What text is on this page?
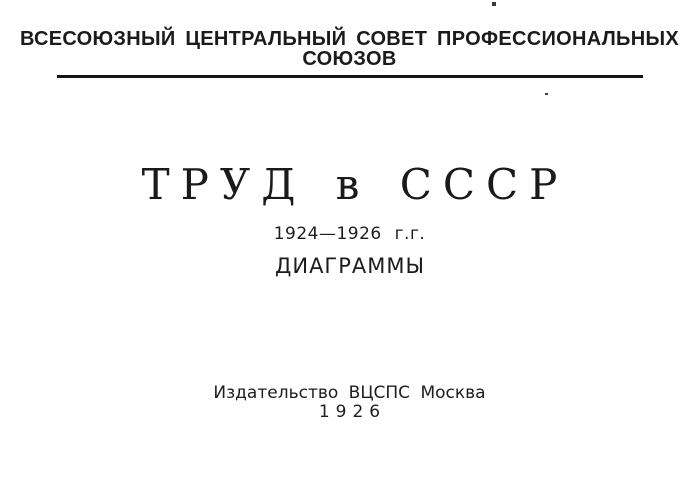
ВСЕСОЮЗНЫЙ ЦЕНТРАЛЬНЫЙ СОВЕТ ПРОФЕССИОНАЛЬНЫХ
СОЮЗОВ
ТРУД в СССР
1924—1926 г.г.
ДИАГРАММЫ
Издательство ВЦСПС Москва
1926
